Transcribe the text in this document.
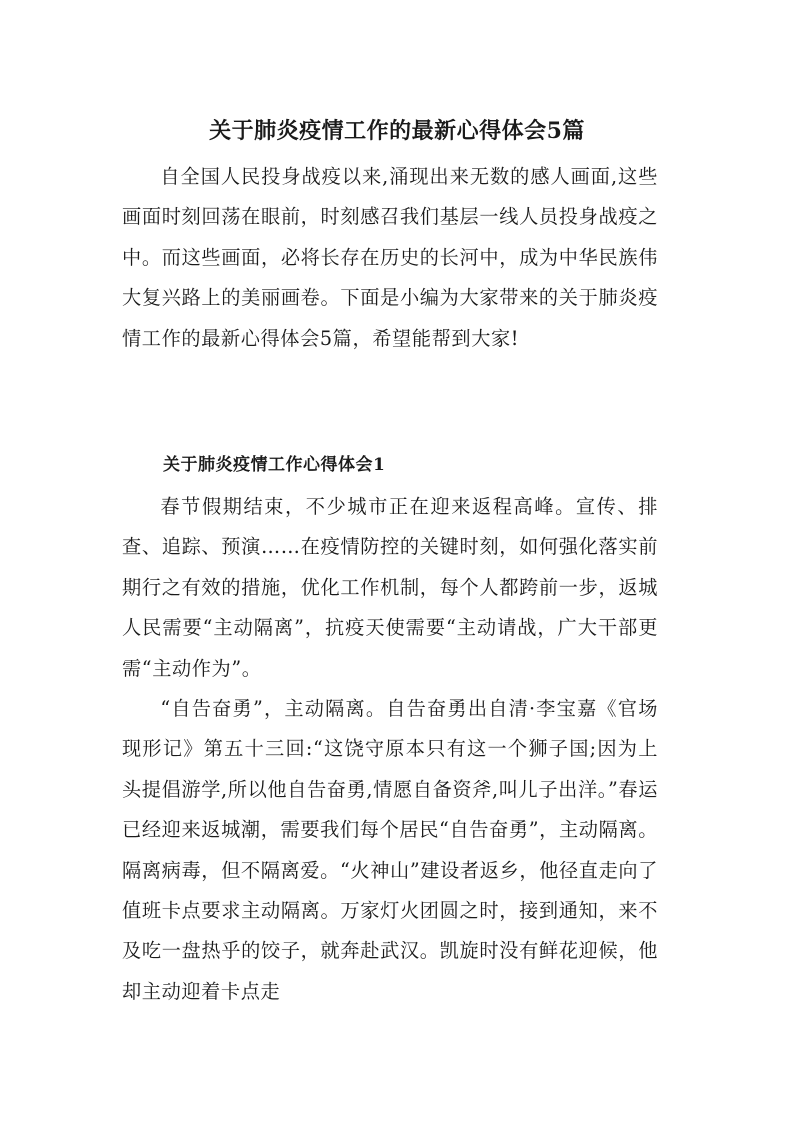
关于肺炎疫情工作的最新心得体会5篇

自全国人民投身战疫以来,涌现出来无数的感人画面,这些画面时刻回荡在眼前，时刻感召我们基层一线人员投身战疫之中。而这些画面，必将长存在历史的长河中，成为中华民族伟大复兴路上的美丽画卷。下面是小编为大家带来的关于肺炎疫情工作的最新心得体会5篇，希望能帮到大家!

关于肺炎疫情工作心得体会1

春节假期结束，不少城市正在迎来返程高峰。宣传、排查、追踪、预演……在疫情防控的关键时刻，如何强化落实前期行之有效的措施，优化工作机制，每个人都跨前一步，返城人民需要“主动隔离”，抗疫天使需要“主动请战，广大干部更需“主动作为”。

“自告奋勇”，主动隔离。自告奋勇出自清·李宝嘉《官场现形记》第五十三回:“这饶守原本只有这一个狮子国;因为上头提倡游学,所以他自告奋勇,情愿自备资斧,叫儿子出洋。”春运已经迎来返城潮，需要我们每个居民“自告奋勇”，主动隔离。隔离病毒，但不隔离爱。“火神山”建设者返乡，他径直走向了值班卡点要求主动隔离。万家灯火团圆之时，接到通知，来不及吃一盘热乎的饺子，就奔赴武汉。凯旋时没有鲜花迎候，他却主动迎着卡点走
